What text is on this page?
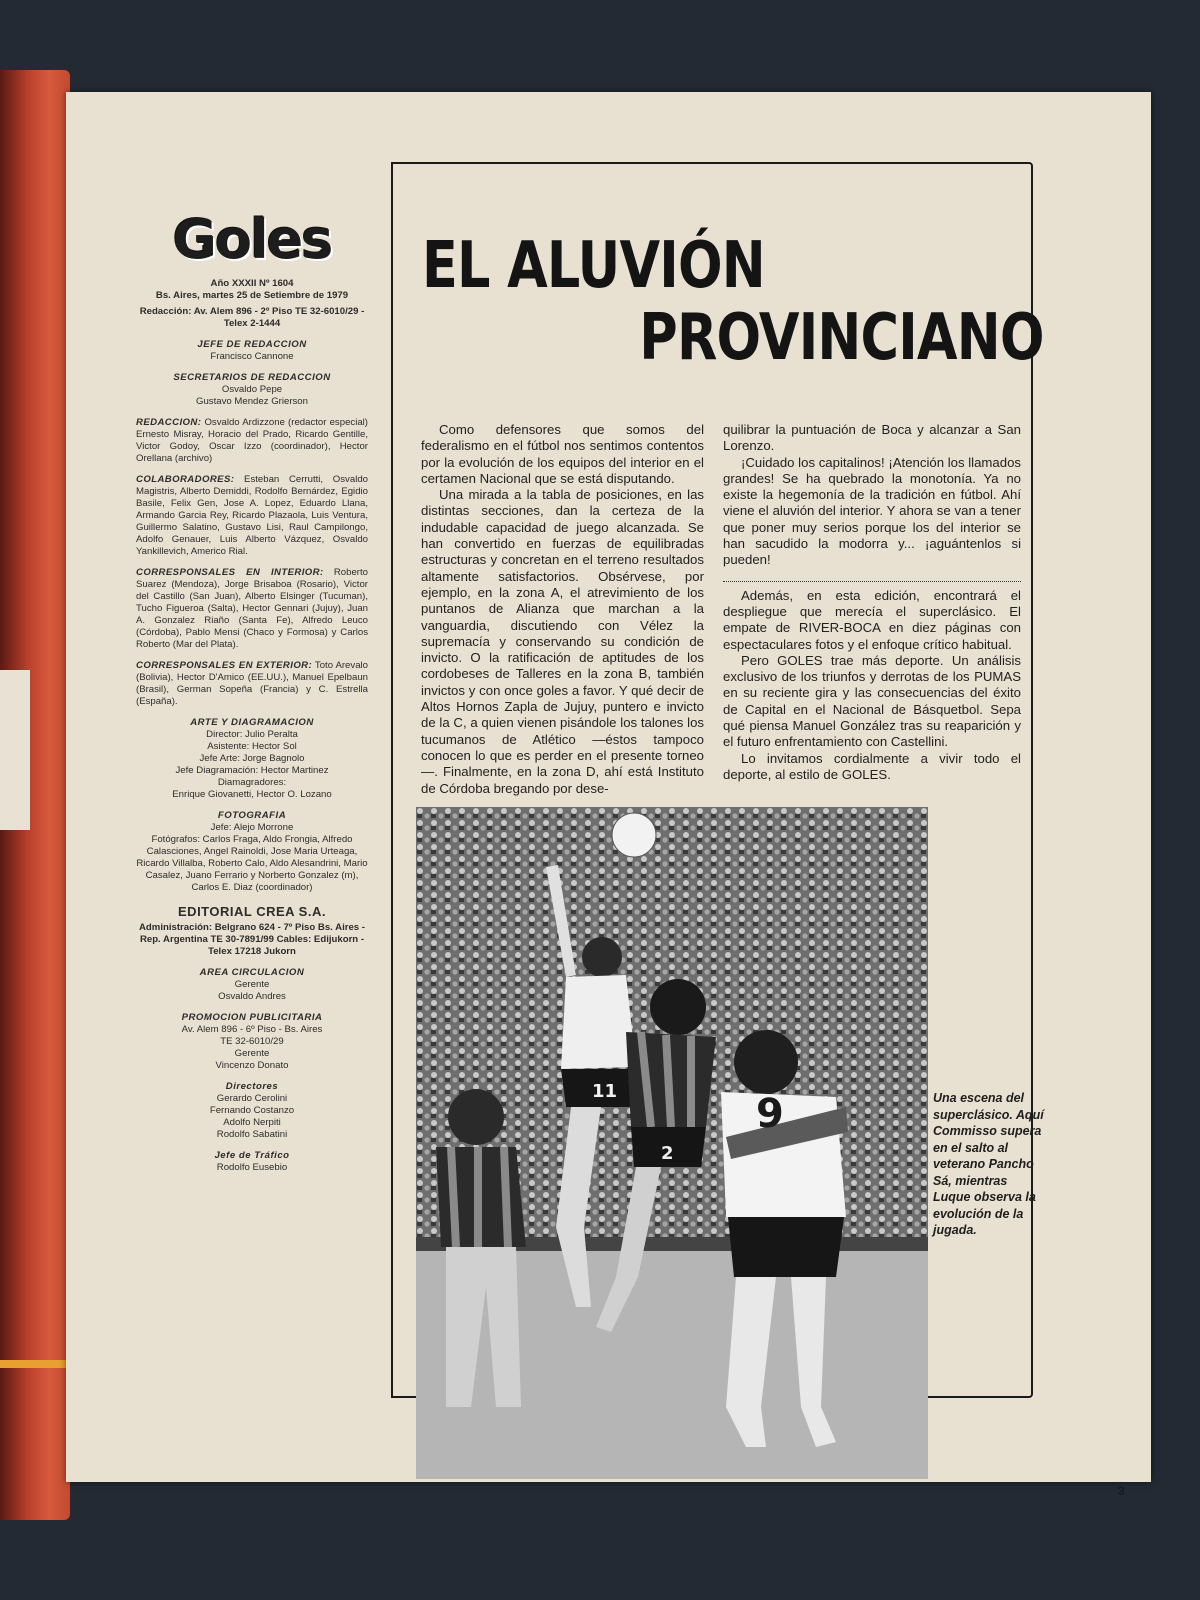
Goles
Año XXXII Nº 1604
Bs. Aires, martes 25 de Setiembre de 1979
Redacción: Av. Alem 896 - 2º Piso TE 32-6010/29 - Telex 2-1444
JEFE DE REDACCION
Francisco Cannone
SECRETARIOS DE REDACCION
Osvaldo Pepe
Gustavo Mendez Grierson
REDACCION: Osvaldo Ardizzone (redactor especial) Ernesto Misray, Horacio del Prado, Ricardo Gentille, Victor Godoy, Oscar Izzo (coordinador), Hector Orellana (archivo)
COLABORADORES: Esteban Cerrutti, Osvaldo Magistris, Alberto Demiddi, Rodolfo Bernárdez, Egidio Basile, Felix Gen, Jose A. Lopez, Eduardo Llana, Armando Garcia Rey, Ricardo Plazaola, Luis Ventura, Guillermo Salatino, Gustavo Lisi, Raul Campilongo, Adolfo Genauer, Luis Alberto Vázquez, Osvaldo Yankillevich, Americo Rial.
CORRESPONSALES EN INTERIOR: Roberto Suarez (Mendoza), Jorge Brisaboa (Rosario), Victor del Castillo (San Juan), Alberto Elsinger (Tucuman), Tucho Figueroa (Salta), Hector Gennari (Jujuy), Juan A. Gonzalez Riaño (Santa Fe), Alfredo Leuco (Córdoba), Pablo Mensi (Chaco y Formosa) y Carlos Roberto (Mar del Plata).
CORRESPONSALES EN EXTERIOR: Toto Arevalo (Bolivia), Hector D'Amico (EE.UU.), Manuel Epelbaun (Brasil), German Sopeña (Francia) y C. Estrella (España).
ARTE Y DIAGRAMACION
Director: Julio Peralta
Asistente: Hector Sol
Jefe Arte: Jorge Bagnolo
Jefe Diagramación: Hector Martinez
Diamagradores:
Enrique Giovanetti, Hector O. Lozano
FOTOGRAFIA
Jefe: Alejo Morrone
Fotógrafos: Carlos Fraga, Aldo Frongia, Alfredo Calasciones, Angel Rainoldi, Jose Maria Urteaga, Ricardo Villalba, Roberto Calo, Aldo Alesandrini, Mario Casalez, Juano Ferrario y Norberto Gonzalez (m), Carlos E. Diaz (coordinador)
EDITORIAL CREA S.A.
Administración: Belgrano 624 - 7º Piso Bs. Aires - Rep. Argentina TE 30-7891/99 Cables: Edijukorn - Telex 17218 Jukorn
AREA CIRCULACION
Gerente
Osvaldo Andres
PROMOCION PUBLICITARIA
Av. Alem 896 - 6º Piso - Bs. Aires
TE 32-6010/29
Gerente
Vincenzo Donato
Directores
Gerardo Cerolini
Fernando Costanzo
Adolfo Nerpiti
Rodolfo Sabatini
Jefe de Tráfico
Rodolfo Eusebio
EL ALUVIÓN
PROVINCIANO

Como defensores que somos del federalismo en el fútbol nos sentimos contentos por la evolución de los equipos del interior en el certamen Nacional que se está disputando.

Una mirada a la tabla de posiciones, en las distintas secciones, dan la certeza de la indudable capacidad de juego alcanzada. Se han convertido en fuerzas de equilibradas estructuras y concretan en el terreno resultados altamente satisfactorios. Obsérvese, por ejemplo, en la zona A, el atrevimiento de los puntanos de Alianza que marchan a la vanguardia, discutiendo con Vélez la supremacía y conservando su condición de invicto. O la ratificación de aptitudes de los cordobeses de Talleres en la zona B, también invictos y con once goles a favor. Y qué decir de Altos Hornos Zapla de Jujuy, puntero e invicto de la C, a quien vienen pisándole los talones los tucumanos de Atlético —éstos tampoco conocen lo que es perder en el presente torneo—. Finalmente, en la zona D, ahí está Instituto de Córdoba bregando por dese-

quilibrar la puntuación de Boca y alcanzar a San Lorenzo.

¡Cuidado los capitalinos! ¡Atención los llamados grandes! Se ha quebrado la monotonía. Ya no existe la hegemonía de la tradición en fútbol. Ahí viene el aluvión del interior. Y ahora se van a tener que poner muy serios porque los del interior se han sacudido la modorra y... ¡aguántenlos si pueden!

Además, en esta edición, encontrará el despliegue que merecía el superclásico. El empate de RIVER-BOCA en diez páginas con espectaculares fotos y el enfoque crítico habitual.

Pero GOLES trae más deporte. Un análisis exclusivo de los triunfos y derrotas de los PUMAS en su reciente gira y las consecuencias del éxito de Capital en el Nacional de Básquetbol. Sepa qué piensa Manuel González tras su reaparición y el futuro enfrentamiento con Castellini.

Lo invitamos cordialmente a vivir todo el deporte, al estilo de GOLES.

11
2
9	Una escena del superclásico. Aquí Commisso supera en el salto al veterano Pancho Sá, mientras Luque observa la evolución de la jugada.
3
